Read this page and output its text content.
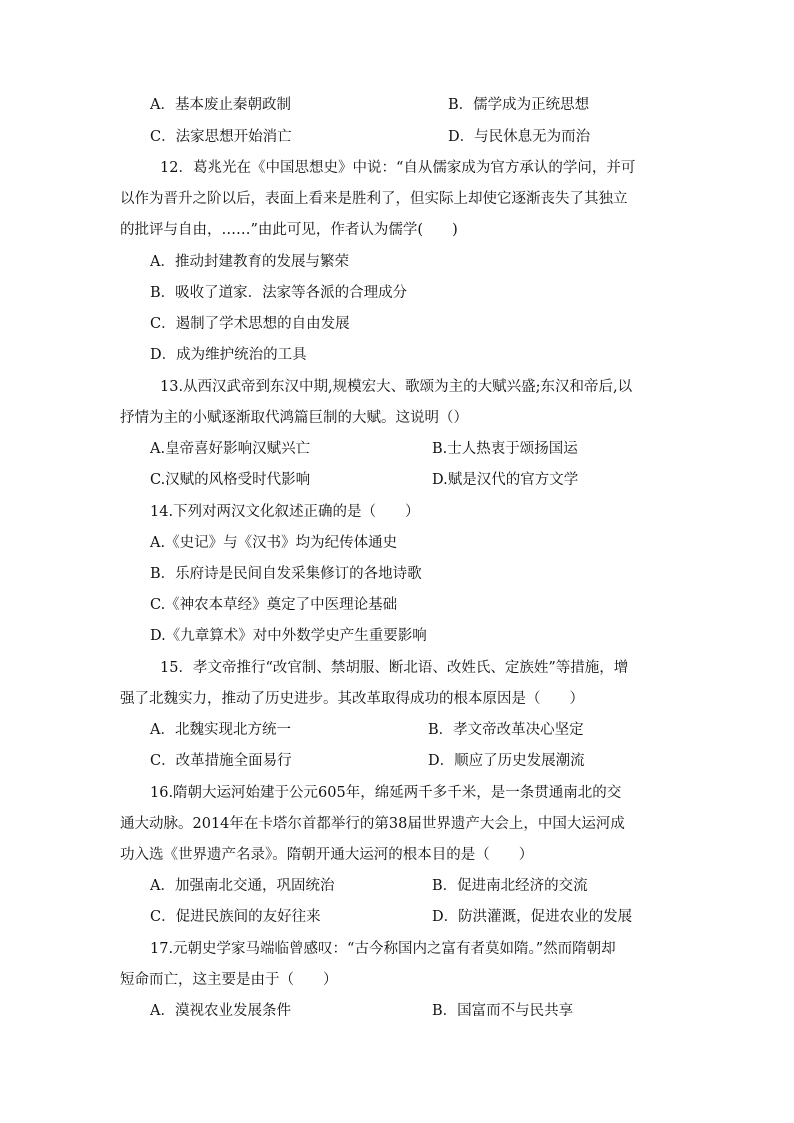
A．基本废止秦朝政制	B．儒学成为正统思想
C．法家思想开始消亡	D．与民休息无为而治
12．葛兆光在《中国思想史》中说：“自从儒家成为官方承认的学问，并可
以作为晋升之阶以后，表面上看来是胜利了，但实际上却使它逐渐丧失了其独立
的批评与自由，……”由此可见，作者认为儒学(　　)
A．推动封建教育的发展与繁荣
B．吸收了道家．法家等各派的合理成分
C．遏制了学术思想的自由发展
D．成为维护统治的工具
13.从西汉武帝到东汉中期,规模宏大、歌颂为主的大赋兴盛;东汉和帝后,以
抒情为主的小赋逐渐取代鸿篇巨制的大赋。这说明（）
A.皇帝喜好影响汉赋兴亡	B.士人热衷于颂扬国运
C.汉赋的风格受时代影响	D.赋是汉代的官方文学
14.下列对两汉文化叙述正确的是（　　）
A.《史记》与《汉书》均为纪传体通史
B．乐府诗是民间自发采集修订的各地诗歌
C.《神农本草经》奠定了中医理论基础
D.《九章算术》对中外数学史产生重要影响
15．孝文帝推行“改官制、禁胡服、断北语、改姓氏、定族姓”等措施，增
强了北魏实力，推动了历史进步。其改革取得成功的根本原因是（　　）
A．北魏实现北方统一	B．孝文帝改革决心坚定
C．改革措施全面易行	D．顺应了历史发展潮流
16.隋朝大运河始建于公元605年，绵延两千多千米，是一条贯通南北的交
通大动脉。2014年在卡塔尔首都举行的第38届世界遗产大会上，中国大运河成
功入选《世界遗产名录》。隋朝开通大运河的根本目的是（　　）
A．加强南北交通，巩固统治	B．促进南北经济的交流
C．促进民族间的友好往来	D．防洪灌溉，促进农业的发展
17.元朝史学家马端临曾感叹：“古今称国内之富有者莫如隋。”然而隋朝却
短命而亡，这主要是由于（　　）
A．漠视农业发展条件	B．国富而不与民共享
